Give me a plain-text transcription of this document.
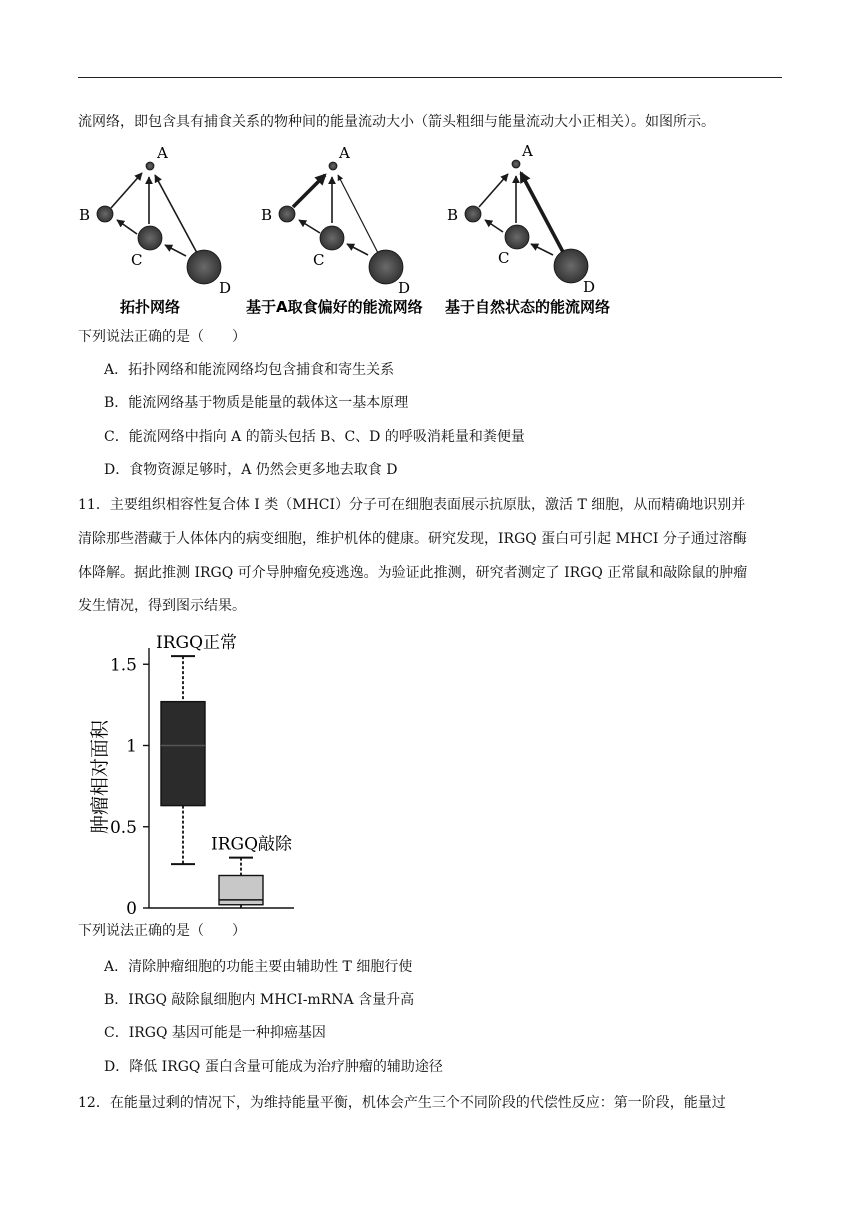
流网络，即包含具有捕食关系的物种间的能量流动大小（箭头粗细与能量流动大小正相关）。如图所示。
A
B
C
D
拓扑网络
A
B
C
D
基于A取食偏好的能流网络
A
B
C
D
基于自然状态的能流网络
下列说法正确的是（　　）
A．拓扑网络和能流网络均包含捕食和寄生关系
B．能流网络基于物质是能量的载体这一基本原理
C．能流网络中指向 A 的箭头包括 B、C、D 的呼吸消耗量和粪便量
D．食物资源足够时，A 仍然会更多地去取食 D
11．主要组织相容性复合体 I 类（MHCI）分子可在细胞表面展示抗原肽，激活 T 细胞，从而精确地识别并
清除那些潜藏于人体体内的病变细胞，维护机体的健康。研究发现，IRGQ 蛋白可引起 MHCI 分子通过溶酶
体降解。据此推测 IRGQ 可介导肿瘤免疫逃逸。为验证此推测，研究者测定了 IRGQ 正常鼠和敲除鼠的肿瘤
发生情况，得到图示结果。
肿瘤相对面积
0
0.5
1
1.5
IRGQ正常
IRGQ敲除
下列说法正确的是（　　）
A．清除肿瘤细胞的功能主要由辅助性 T 细胞行使
B．IRGQ 敲除鼠细胞内 MHCI-mRNA 含量升高
C．IRGQ 基因可能是一种抑癌基因
D．降低 IRGQ 蛋白含量可能成为治疗肿瘤的辅助途径
12．在能量过剩的情况下，为维持能量平衡，机体会产生三个不同阶段的代偿性反应：第一阶段，能量过
